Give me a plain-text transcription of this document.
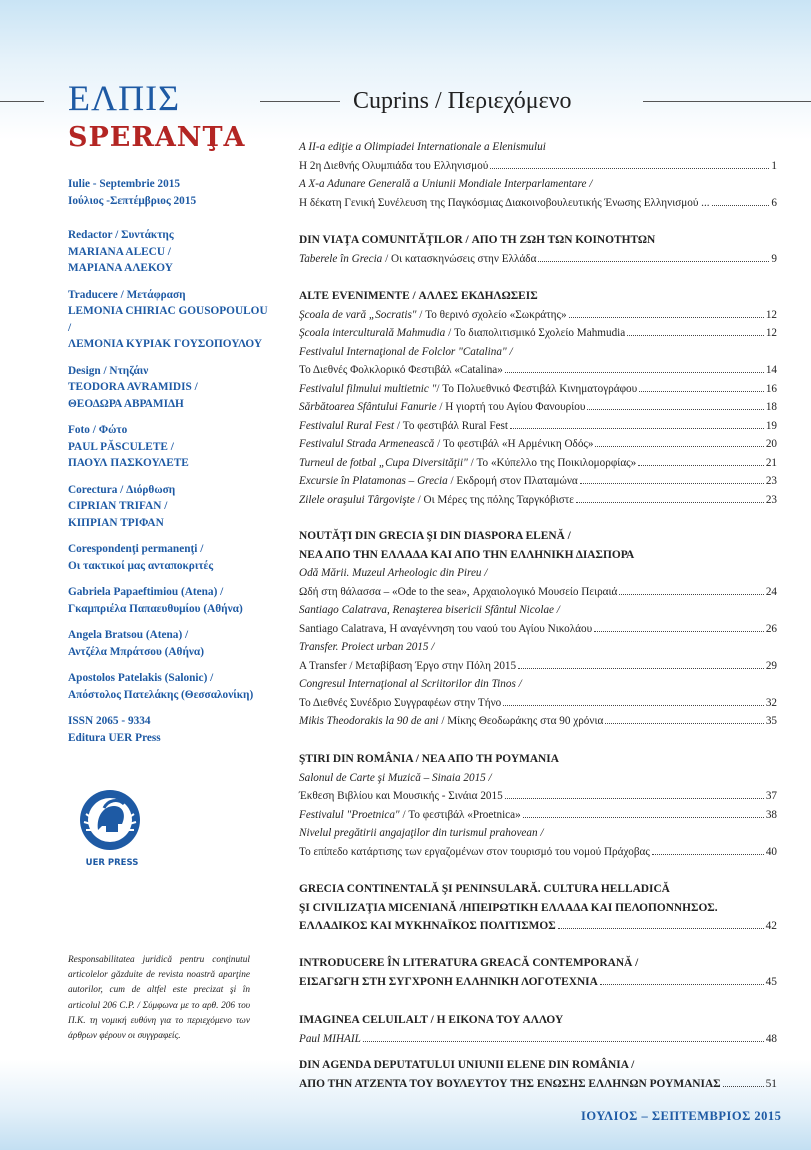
ΕΛΠΙΣ
SPERANŢA
Cuprins / Περιεχόμενο
Iulie - Septembrie 2015
Ιούλιος -Σεπτέμβριος 2015
Redactor / Συντάκτης
MARIANA ALECU /
ΜΑΡΙΑΝΑ ΑΛΕΚΟΥ
Traducere / Μετάφραση
LEMONIA CHIRIAC GOUSOPOULOU /
ΛΕΜΟΝΙΑ ΚΥΡΙΑΚ ΓΟΥΣΟΠΟΥΛΟΥ
Design / Ντηζάιν
TEODORA AVRAMIDIS /
ΘΕΟΔΩΡΑ ΑΒΡΑΜΙΔΗ
Foto / Φώτο
PAUL PĂSCULETE /
ΠΑΟΥΛ ΠΑΣΚΟΥΛΕΤΕ
Corectura / Διόρθωση
CIPRIAN TRIFAN /
ΚΙΠΡΙΑΝ ΤΡΙΦΑΝ
Corespondenţi permanenţi /
Οι τακτικοί μας ανταποκριτές
Gabriela Papaeftimiou (Atena) /
Γκαμπριέλα Παπαευθυμίου (Αθήνα)
Angela Bratsou (Atena) /
Αντζέλα Μπράτσου (Αθήνα)
Apostolos Patelakis (Salonic) /
Απόστολος Πατελάκης (Θεσσαλονίκη)
ISSN 2065 - 9334
Editura UER Press
UER PRESS
Responsabilitatea juridică pentru conţinutul articolelor găzduite de revista noastră aparţine autorilor, cum de altfel este precizat şi în articolul 206 C.P. / Σύμφωνα με το αρθ. 206 του Π.Κ. τη νομική ευθύνη για το περιεχόμενο των άρθρων φέρουν οι συγγραφείς.
A II-a ediţie a Olimpiadei Internationale a Elenismului
Η 2η Διεθνής Ολυμπιάδα του Ελληνισμού	1
A X-a Adunare Generală a Uniunii Mondiale Interparlamentare /
Η δέκατη Γενική Συνέλευση της Παγκόσμιας Διακοινοβουλευτικής Ένωσης Ελληνισμού ...	6
DIN VIAŢA COMUNITĂŢILOR / ΑΠΟ ΤΗ ΖΩΗ ΤΩΝ ΚΟΙΝΟΤΗΤΩΝ
Taberele în Grecia / Οι κατασκηνώσεις στην Ελλάδα	9
ALTE EVENIMENTE / ΑΛΛΕΣ ΕΚΔΗΛΩΣΕΙΣ
Şcoala de vară „Socratis" / Το θερινό σχολείο «Σωκράτης»	12
Şcoala interculturală Mahmudia / Το διαπολιτισμικό Σχολείο Mahmudia	12
Festivalul Internaţional de Folclor "Catalina" /
Το Διεθνές Φολκλορικό Φεστιβάλ «Catalina»	14
Festivalul filmului multietnic "/ Το Πολυεθνικό Φεστιβάλ Κινηματογράφου	16
Sărbătoarea Sfântului Fanurie / Η γιορτή του Αγίου Φανουρίου	18
Festivalul Rural Fest / Το φεστιβάλ Rural Fest	19
Festivalul Strada Armenească / Το φεστιβάλ «Η Αρμένικη Οδός»	20
Turneul de fotbal „Cupa Diversităţii" / Το «Κύπελλο της Ποικιλομορφίας»	21
Excursie în Platamonas – Grecia / Εκδρομή στον Πλαταμώνα	23
Zilele oraşului Târgovişte / Οι Μέρες της πόλης Ταργκόβιστε	23
NOUTĂŢI DIN GRECIA ŞI DIN DIASPORA ELENĂ /
ΝΕΑ ΑΠΟ ΤΗΝ ΕΛΛΑΔΑ ΚΑΙ ΑΠΟ ΤΗΝ ΕΛΛΗΝΙΚΗ ΔΙΑΣΠΟΡΑ
Odă Mării. Muzeul Arheologic din Pireu /
Ωδή στη θάλασσα – «Ode to the sea», Αρχαιολογικό Μουσείο Πειραιά	24
Santiago Calatrava, Renaşterea bisericii Sfântul Nicolae /
Santiago Calatrava, Η αναγέννηση του ναού του Αγίου Νικολάου	26
Transfer. Proiect urban 2015 /
A Transfer / Μεταβίβαση Έργο στην Πόλη 2015	29
Congresul Internaţional al Scriitorilor din Tinos /
Το Διεθνές Συνέδριο Συγγραφέων στην Τήνο	32
Mikis Theodorakis la 90 de ani / Μίκης Θεοδωράκης στα 90 χρόνια	35
ŞTIRI DIN ROMÂNIA / ΝΕΑ ΑΠΟ ΤΗ ΡΟΥΜΑΝΙΑ
Salonul de Carte şi Muzică – Sinaia 2015 /
Έκθεση Βιβλίου και Μουσικής - Σινάια 2015	37
Festivalul "Proetnica" / Το φεστιβάλ «Proetnica»	38
Nivelul pregătirii angajaţilor din turismul prahovean /
Το επίπεδο κατάρτισης των εργαζομένων στον τουρισμό του νομού Πράχοβας	40
GRECIA CONTINENTALĂ ŞI PENINSULARĂ. CULTURA HELLADICĂ
ŞI CIVILIZAŢIA MICENIANĂ /ΗΠΕΙΡΩΤΙΚΗ ΕΛΛΑΔΑ ΚΑΙ ΠΕΛΟΠΟΝΝΗΣΟΣ.
ΕΛΛΑΔΙΚΟΣ ΚΑΙ ΜΥΚΗΝΑΪΚΟΣ ΠΟΛΙΤΙΣΜΟΣ	42
INTRODUCERE ÎN LITERATURA GREACĂ CONTEMPORANĂ /
ΕΙΣΑΓΩΓΗ ΣΤΗ ΣΥΓΧΡΟΝΗ ΕΛΛΗΝΙΚΗ ΛΟΓΟΤΕΧΝΙΑ	45
IMAGINEA CELUILALT / Η ΕΙΚΟΝΑ ΤΟΥ ΑΛΛΟΥ
Paul MIHAIL	48
DIN AGENDA DEPUTATULUI UNIUNII ELENE DIN ROMÂNIA /
ΑΠΟ ΤΗΝ ΑΤΖΕΝΤΑ ΤΟΥ ΒΟΥΛΕΥΤΟΥ ΤΗΣ ΕΝΩΣΗΣ ΕΛΛΗΝΩΝ ΡΟΥΜΑΝΙΑΣ	51
ΙΟΥΛΙΟΣ – ΣΕΠΤΕΜΒΡΙΟΣ 2015
